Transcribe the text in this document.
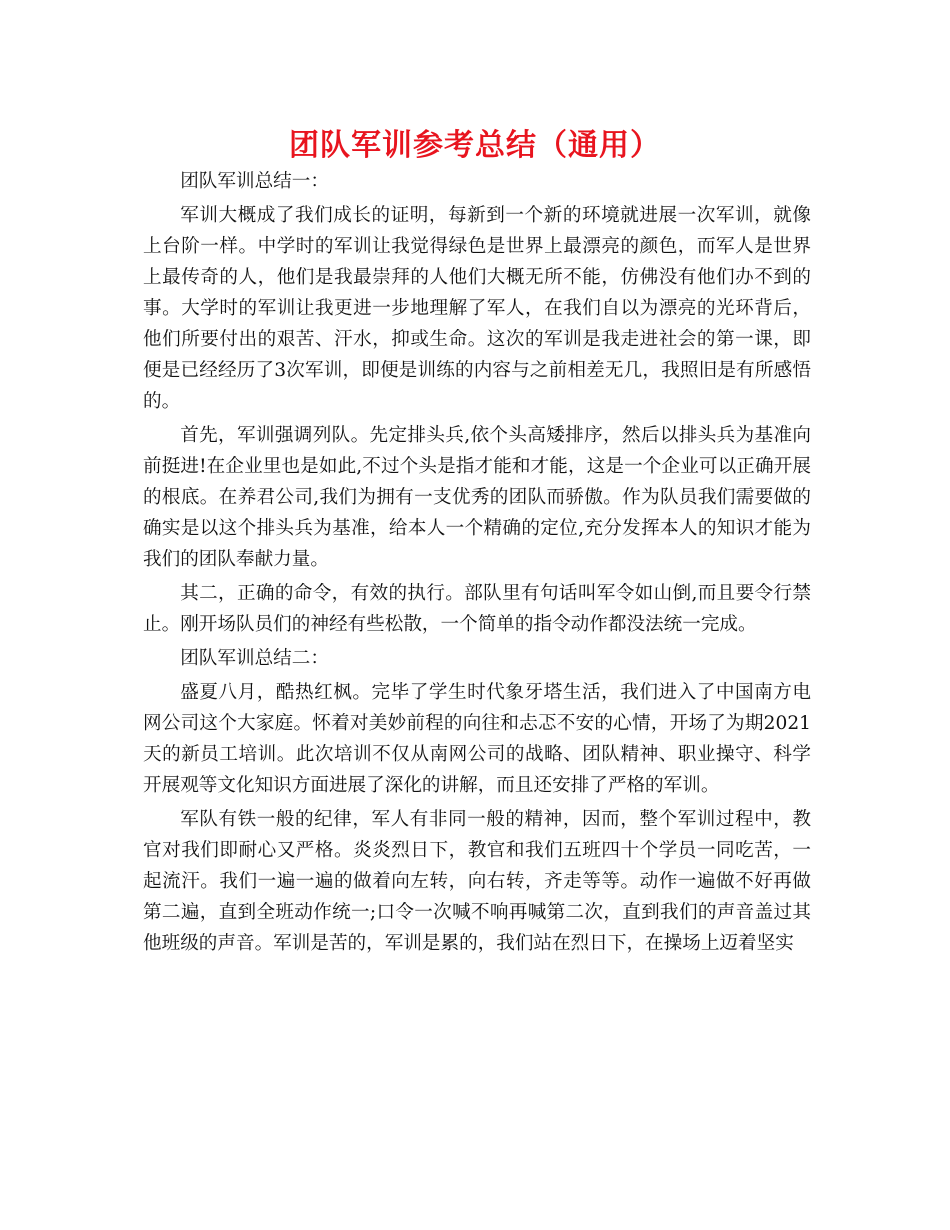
团队军训参考总结（通用）

团队军训总结一：

军训大概成了我们成长的证明，每新到一个新的环境就进展一次军训，就像上台阶一样。中学时的军训让我觉得绿色是世界上最漂亮的颜色，而军人是世界上最传奇的人，他们是我最崇拜的人他们大概无所不能，仿佛没有他们办不到的事。大学时的军训让我更进一步地理解了军人，在我们自以为漂亮的光环背后，他们所要付出的艰苦、汗水，抑或生命。这次的军训是我走进社会的第一课，即便是已经经历了3次军训，即便是训练的内容与之前相差无几，我照旧是有所感悟的。

首先，军训强调列队。先定排头兵,依个头高矮排序，然后以排头兵为基准向前挺进!在企业里也是如此,不过个头是指才能和才能，这是一个企业可以正确开展的根底。在养君公司,我们为拥有一支优秀的团队而骄傲。作为队员我们需要做的确实是以这个排头兵为基准，给本人一个精确的定位,充分发挥本人的知识才能为我们的团队奉献力量。

其二，正确的命令，有效的执行。部队里有句话叫军令如山倒,而且要令行禁止。刚开场队员们的神经有些松散，一个简单的指令动作都没法统一完成。

团队军训总结二：

盛夏八月，酷热红枫。完毕了学生时代象牙塔生活，我们进入了中国南方电网公司这个大家庭。怀着对美妙前程的向往和忐忑不安的心情，开场了为期2021天的新员工培训。此次培训不仅从南网公司的战略、团队精神、职业操守、科学开展观等文化知识方面进展了深化的讲解，而且还安排了严格的军训。

军队有铁一般的纪律，军人有非同一般的精神，因而，整个军训过程中，教官对我们即耐心又严格。炎炎烈日下，教官和我们五班四十个学员一同吃苦，一起流汗。我们一遍一遍的做着向左转，向右转，齐走等等。动作一遍做不好再做第二遍，直到全班动作统一;口令一次喊不响再喊第二次，直到我们的声音盖过其他班级的声音。军训是苦的，军训是累的，我们站在烈日下，在操场上迈着坚实
